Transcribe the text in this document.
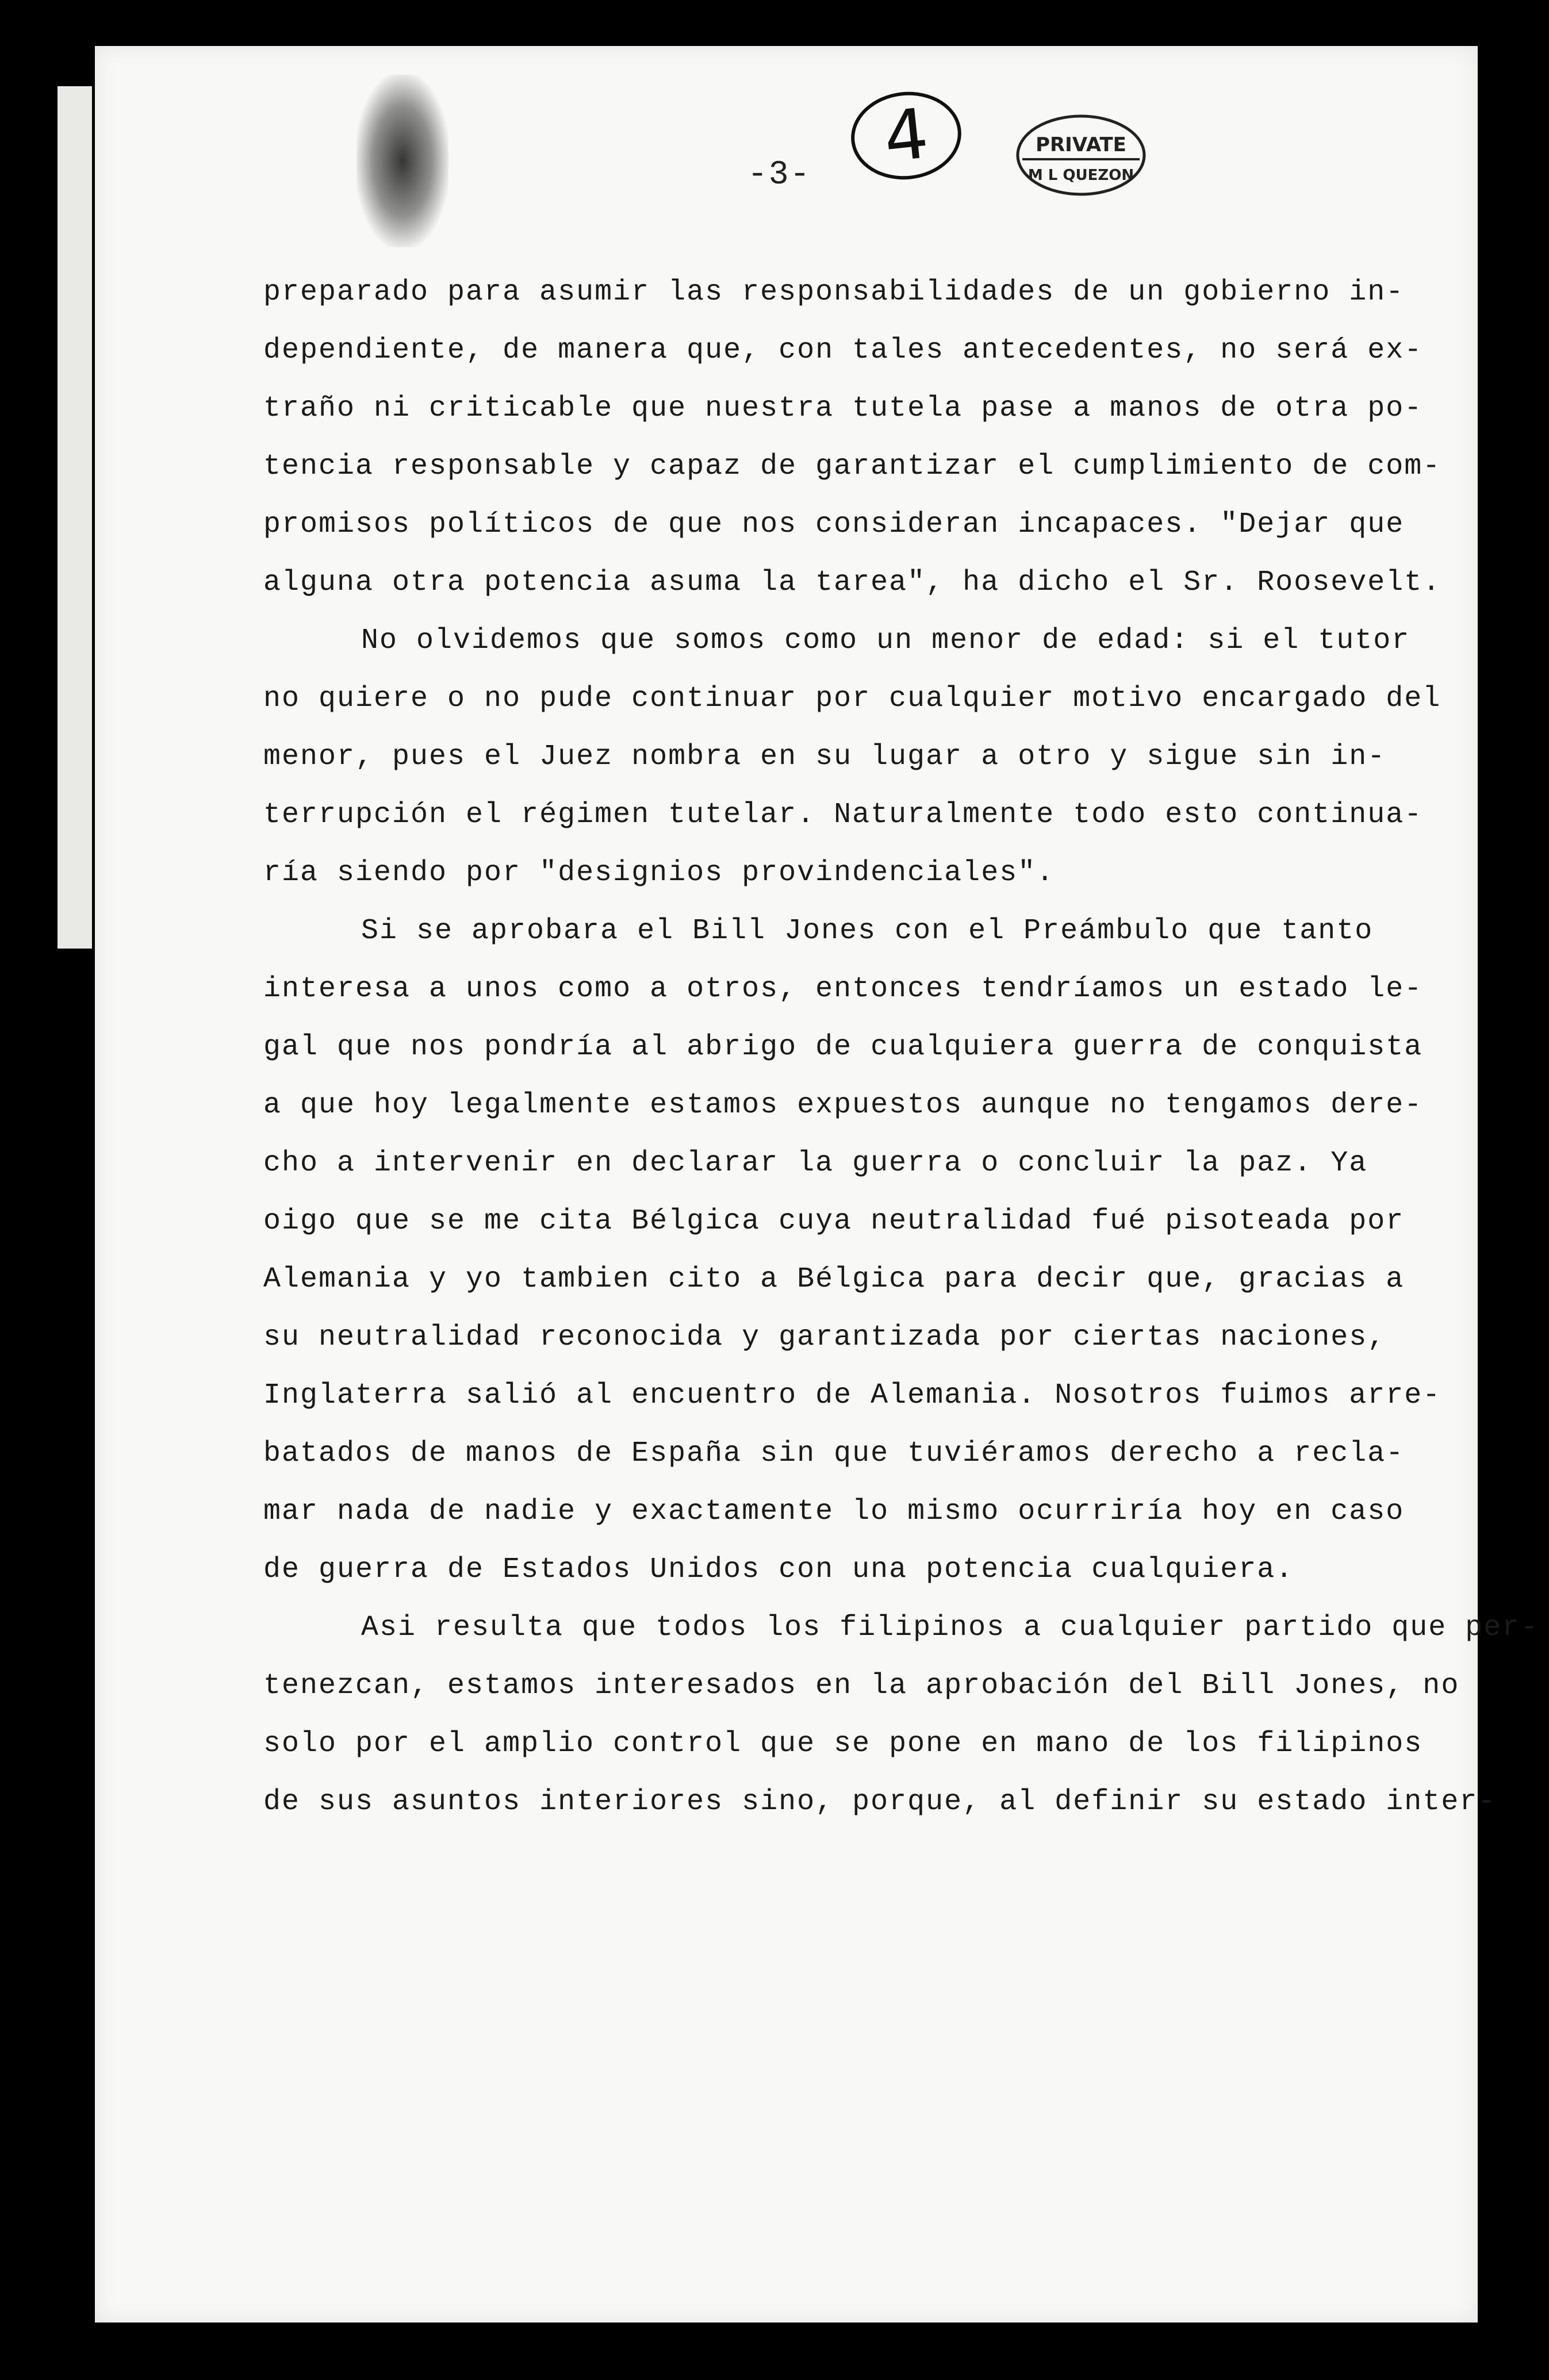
-3- 4	PRIVATE
M L QUEZON
preparado para asumir las responsabilidades de un gobierno in-
dependiente, de manera que, con tales antecedentes, no será ex-
traño ni criticable que nuestra tutela pase a manos de otra po-
tencia responsable y capaz de garantizar el cumplimiento de com-
promisos políticos de que nos consideran incapaces. "Dejar que
alguna otra potencia asuma la tarea", ha dicho el Sr. Roosevelt.
No olvidemos que somos como un menor de edad: si el tutor
no quiere o no pude continuar por cualquier motivo encargado del
menor, pues el Juez nombra en su lugar a otro y sigue sin in-
terrupción el régimen tutelar. Naturalmente todo esto continua-
ría siendo por "designios provindenciales".
Si se aprobara el Bill Jones con el Preámbulo que tanto
interesa a unos como a otros, entonces tendríamos un estado le-
gal que nos pondría al abrigo de cualquiera guerra de conquista
a que hoy legalmente estamos expuestos aunque no tengamos dere-
cho a intervenir en declarar la guerra o concluir la paz. Ya
oigo que se me cita Bélgica cuya neutralidad fué pisoteada por
Alemania y yo tambien cito a Bélgica para decir que, gracias a
su neutralidad reconocida y garantizada por ciertas naciones,
Inglaterra salió al encuentro de Alemania. Nosotros fuimos arre-
batados de manos de España sin que tuviéramos derecho a recla-
mar nada de nadie y exactamente lo mismo ocurriría hoy en caso
de guerra de Estados Unidos con una potencia cualquiera.
Asi resulta que todos los filipinos a cualquier partido que per-
tenezcan, estamos interesados en la aprobación del Bill Jones, no
solo por el amplio control que se pone en mano de los filipinos
de sus asuntos interiores sino, porque, al definir su estado inter-
